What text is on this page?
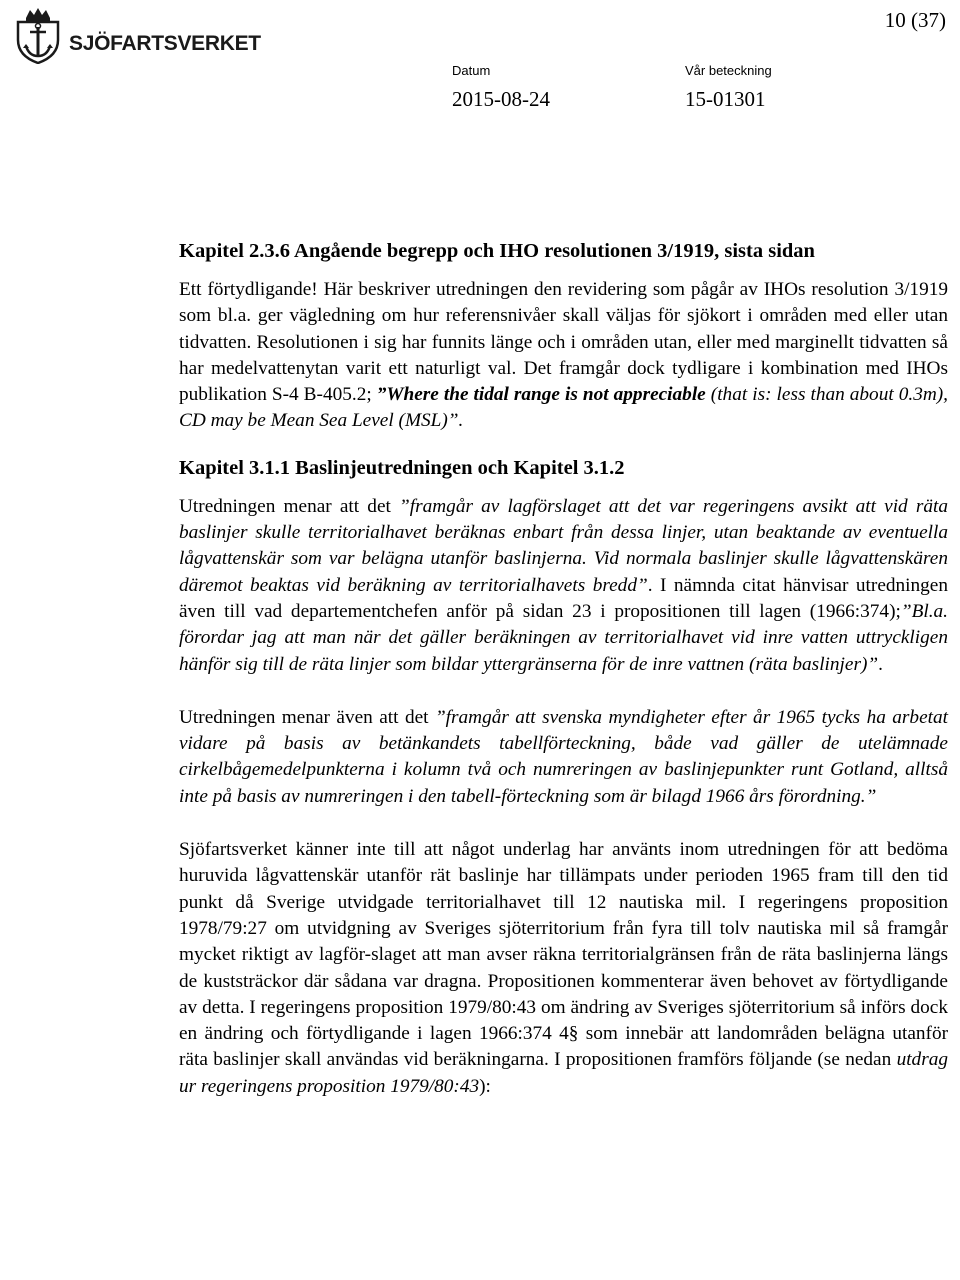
SJÖFARTSVERKET
10 (37)
Datum
2015-08-24
Vår beteckning
15-01301
Kapitel 2.3.6 Angående begrepp och IHO resolutionen 3/1919, sista sidan

Ett förtydligande! Här beskriver utredningen den revidering som pågår av IHOs resolution 3/1919 som bl.a. ger vägledning om hur referensnivåer skall väljas för sjökort i områden med eller utan tidvatten. Resolutionen i sig har funnits länge och i områden utan, eller med marginellt tidvatten så har medelvattenytan varit ett naturligt val. Det framgår dock tydligare i kombination med IHOs publikation S-4 B-405.2; ”Where the tidal range is not appreciable (that is: less than about 0.3m), CD may be Mean Sea Level (MSL)”.

Kapitel 3.1.1 Baslinjeutredningen och Kapitel 3.1.2

Utredningen menar att det ”framgår av lagförslaget att det var regeringens avsikt att vid räta baslinjer skulle territorialhavet beräknas enbart från dessa linjer, utan beaktande av eventuella lågvattenskär som var belägna utanför baslinjerna. Vid normala baslinjer skulle lågvattenskären däremot beaktas vid beräkning av territorialhavets bredd”. I nämnda citat hänvisar utredningen även till vad departementchefen anför på sidan 23 i propositionen till lagen (1966:374);”Bl.a. förordar jag att man när det gäller beräkningen av territorialhavet vid inre vatten uttryckligen hänför sig till de räta linjer som bildar yttergränserna för de inre vattnen (räta baslinjer)”.

Utredningen menar även att det ”framgår att svenska myndigheter efter år 1965 tycks ha arbetat vidare på basis av betänkandets tabellförteckning, både vad gäller de utelämnade cirkelbågemedelpunkterna i kolumn två och numreringen av baslinjepunkter runt Gotland, alltså inte på basis av numreringen i den tabell-förteckning som är bilagd 1966 års förordning.”

Sjöfartsverket känner inte till att något underlag har använts inom utredningen för att bedöma huruvida lågvattenskär utanför rät baslinje har tillämpats under perioden 1965 fram till den tid punkt då Sverige utvidgade territorialhavet till 12 nautiska mil. I regeringens proposition 1978/79:27 om utvidgning av Sveriges sjöterritorium från fyra till tolv nautiska mil så framgår mycket riktigt av lagför-slaget att man avser räkna territorialgränsen från de räta baslinjerna längs de kuststräckor där sådana var dragna. Propositionen kommenterar även behovet av förtydligande av detta. I regeringens proposition 1979/80:43 om ändring av Sveriges sjöterritorium så införs dock en ändring och förtydligande i lagen 1966:374 4§ som innebär att landområden belägna utanför räta baslinjer skall användas vid beräkningarna. I propositionen framförs följande (se nedan utdrag ur regeringens proposition 1979/80:43):
